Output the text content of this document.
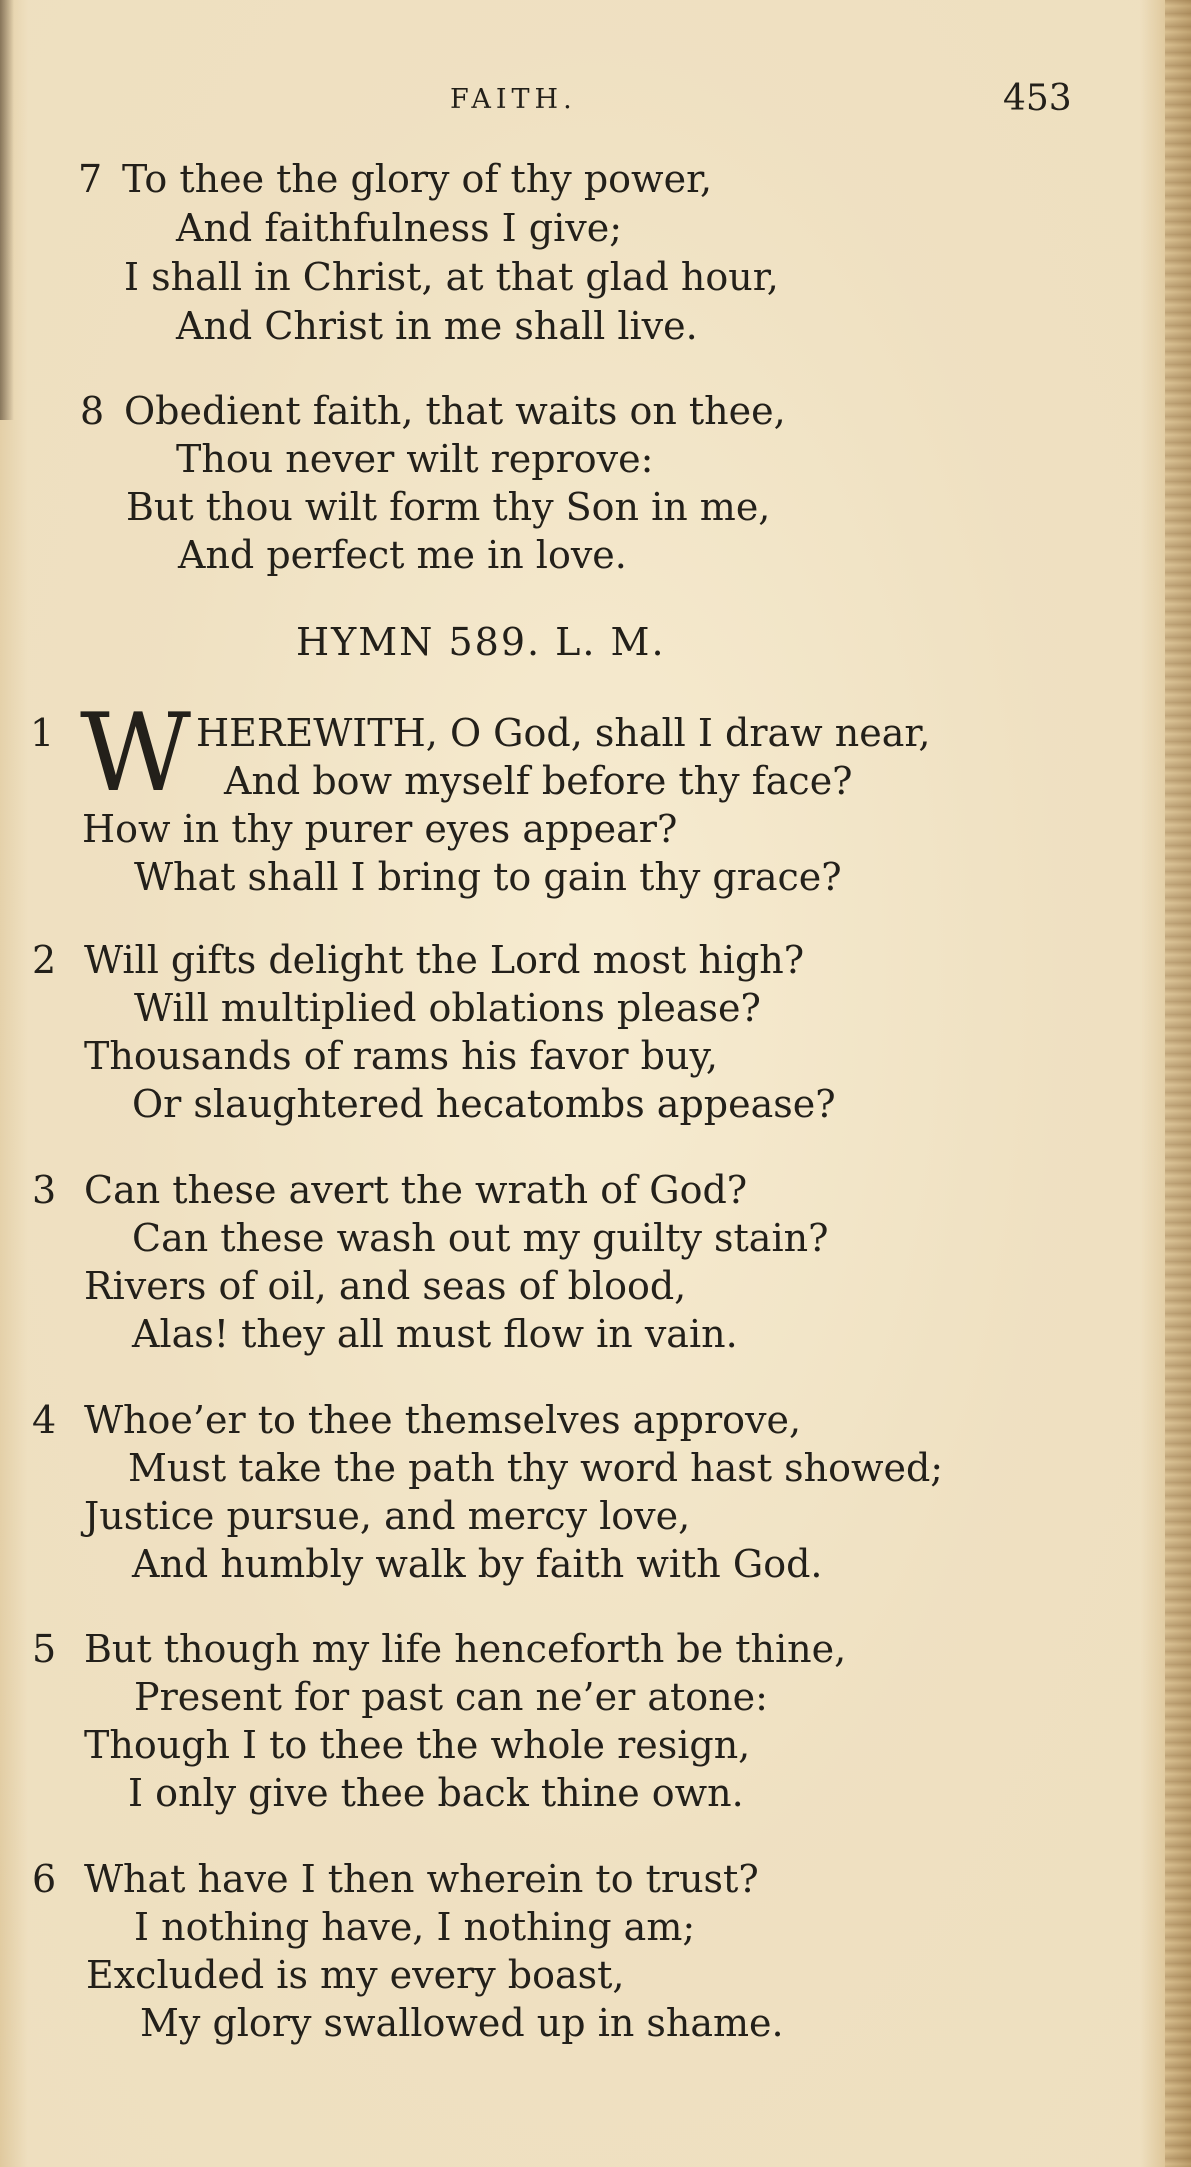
FAITH.	453
7 To thee the glory of thy power,
And faithfulness I give;
I shall in Christ, at that glad hour,
And Christ in me shall live.
8 Obedient faith, that waits on thee,
Thou never wilt reprove:
But thou wilt form thy Son in me,
And perfect me in love.
HYMN 589. L. M.
1 W HEREWITH, O God, shall I draw near,
And bow myself before thy face?
How in thy purer eyes appear?
What shall I bring to gain thy grace?
2 Will gifts delight the Lord most high?
Will multiplied oblations please?
Thousands of rams his favor buy,
Or slaughtered hecatombs appease?
3 Can these avert the wrath of God?
Can these wash out my guilty stain?
Rivers of oil, and seas of blood,
Alas! they all must flow in vain.
4 Whoe’er to thee themselves approve,
Must take the path thy word hast showed;
Justice pursue, and mercy love,
And humbly walk by faith with God.
5 But though my life henceforth be thine,
Present for past can ne’er atone:
Though I to thee the whole resign,
I only give thee back thine own.
6 What have I then wherein to trust?
I nothing have, I nothing am;
Excluded is my every boast,
My glory swallowed up in shame.
